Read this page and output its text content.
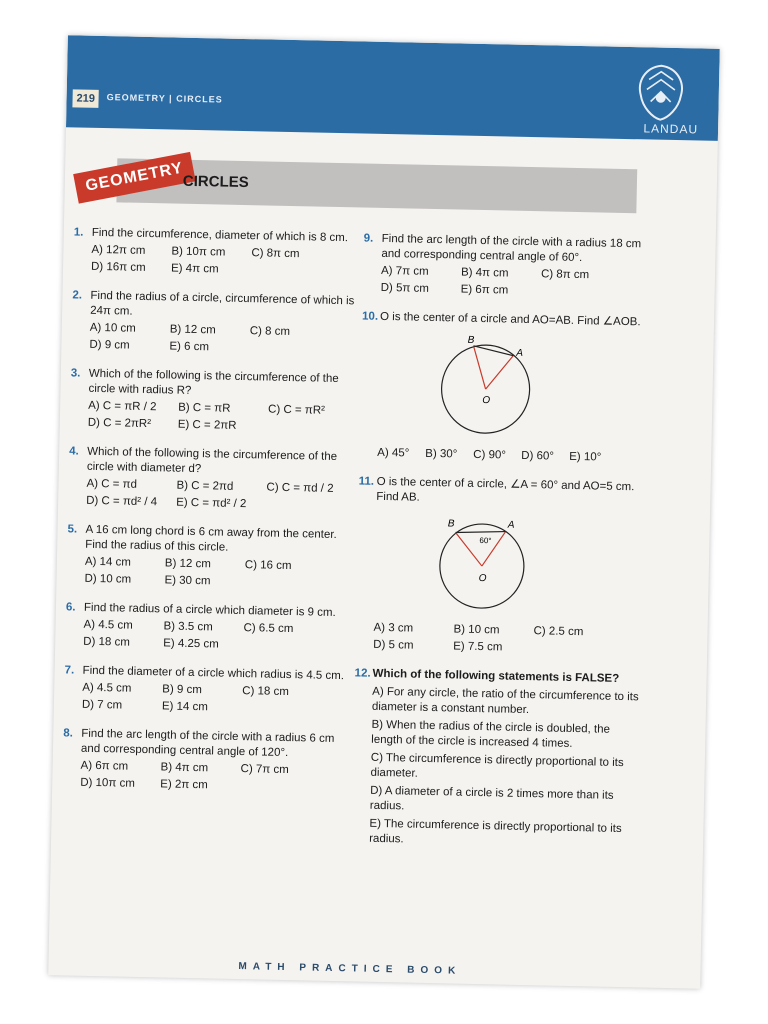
219	GEOMETRY | CIRCLES
LANDAU
GEOMETRY
CIRCLES
1. Find the circumference, diameter of which is 8 cm.
A) 12π cm	B) 10π cm	C) 8π cm
D) 16π cm	E) 4π cm
2. Find the radius of a circle, circumference of which is 24π cm.
A) 10 cm	B) 12 cm	C) 8 cm
D) 9 cm	E) 6 cm
3. Which of the following is the circumference of the circle with radius R?
A) C = πR / 2	B) C = πR	C) C = πR²
D) C = 2πR²	E) C = 2πR
4. Which of the following is the circumference of the circle with diameter d?
A) C = πd	B) C = 2πd	C) C = πd / 2
D) C = πd² / 4	E) C = πd² / 2
5. A 16 cm long chord is 6 cm away from the center. Find the radius of this circle.
A) 14 cm	B) 12 cm	C) 16 cm
D) 10 cm	E) 30 cm
6. Find the radius of a circle which diameter is 9 cm.
A) 4.5 cm	B) 3.5 cm	C) 6.5 cm
D) 18 cm	E) 4.25 cm
7. Find the diameter of a circle which radius is 4.5 cm.
A) 4.5 cm	B) 9 cm	C) 18 cm
D) 7 cm	E) 14 cm
8. Find the arc length of the circle with a radius 6 cm and corresponding central angle of 120°.
A) 6π cm	B) 4π cm	C) 7π cm
D) 10π cm	E) 2π cm
9. Find the arc length of the circle with a radius 18 cm and corresponding central angle of 60°.
A) 7π cm	B) 4π cm	C) 8π cm
D) 5π cm	E) 6π cm
10. O is the center of a circle and AO=AB. Find ∠AOB.
B
A
O
A) 45°	B) 30°	C) 90°	D) 60°	E) 10°
11. O is the center of a circle, ∠A = 60° and AO=5 cm. Find AB.
B	A
60°
O
A) 3 cm	B) 10 cm	C) 2.5 cm
D) 5 cm	E) 7.5 cm
12. Which of the following statements is FALSE?
A) For any circle, the ratio of the circumference to its diameter is a constant number.
B) When the radius of the circle is doubled, the length of the circle is increased 4 times.
C) The circumference is directly proportional to its diameter.
D) A diameter of a circle is 2 times more than its radius.
E) The circumference is directly proportional to its radius.
MATH PRACTICE BOOK
